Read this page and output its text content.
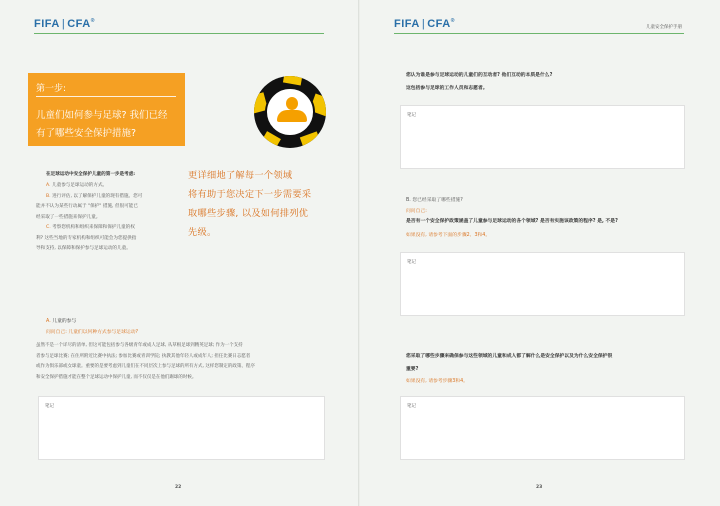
FIFA | CFA®
第一步:
儿童们如何参与足球? 我们已经
有了哪些安全保护措施?
在足球运动中安全保护儿童的第一步是考虑:
A. 儿童参与足球运动的方式。
B. 进行评估, 以了解保护儿童的现有措施。您可
能并不认为某些行动属于 "保护" 措施, 但很可能已
经采取了一些措施来保护儿童。
C. 考察您机构和组织来保障和保护儿童的权
利? 这些当地的专家机构和组织可能会为您提供指
导和支持, 以保障和保护参与足球运动的儿童。
更详细地了解每一个领域
将有助于您决定下一步需要采
取哪些步骤, 以及如何排列优
先级。
A. 儿童的参与
问问自己: 儿童们以何种方式参与足球运动?
虽然不是一个详尽的清单, 但这可能包括参与各级青年或成人足球, 从草根足球到精英足球; 作为一个支持
者参与足球比赛; 在住所附近比赛中执法; 参加比赛或青训学院; 执教其他年轻人或成年人; 担任比赛日志愿者
或作为俱乐部或女球童。重要的是要考虑到儿童们在不同层次上参与足球的所有方式, 这样您制定的政策、程序
和安全保护措施才能在整个足球运动中保护儿童, 而不仅仅是在他们踢球的时候。
笔记
22
FIFA | CFA®
儿童安全保护手册
您认为谁是参与足球运动的儿童们的互动者? 他们互动的本质是什么?
这包括参与足球的工作人员和志愿者。
笔记
B. 您已经采取了哪些措施?
问问自己:
是否有一个安全保护政策涵盖了儿童参与足球运动的各个领域? 是否有实施该政策的程序? 是, 不是?
如果没有, 请参考下面的步骤2、3和4。
笔记
您采取了哪些步骤来确保参与这些领域的儿童和成人都了解什么是安全保护以及为什么安全保护很
重要?
如果没有, 请参考步骤3和4。
笔记
23
